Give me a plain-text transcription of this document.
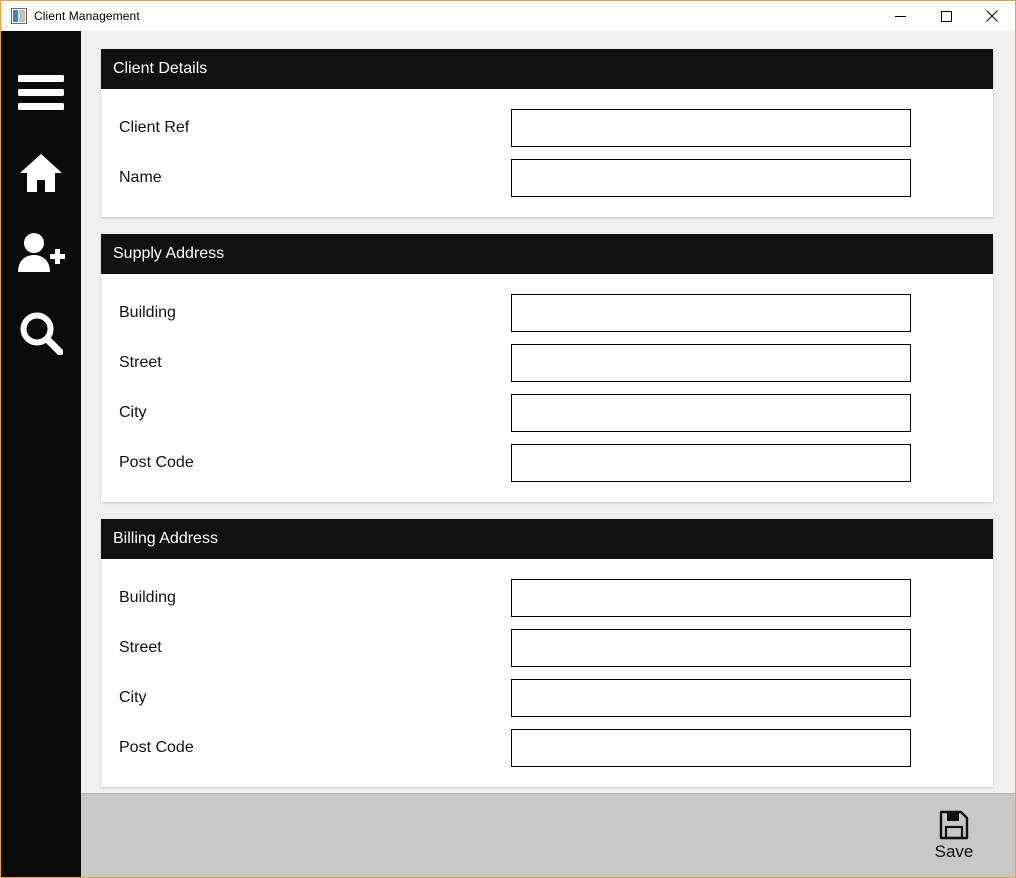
Client Management
Client Details
Client Ref
Name
Supply Address
Building
Street
City
Post Code
Billing Address
Building
Street
City
Post Code
Save
